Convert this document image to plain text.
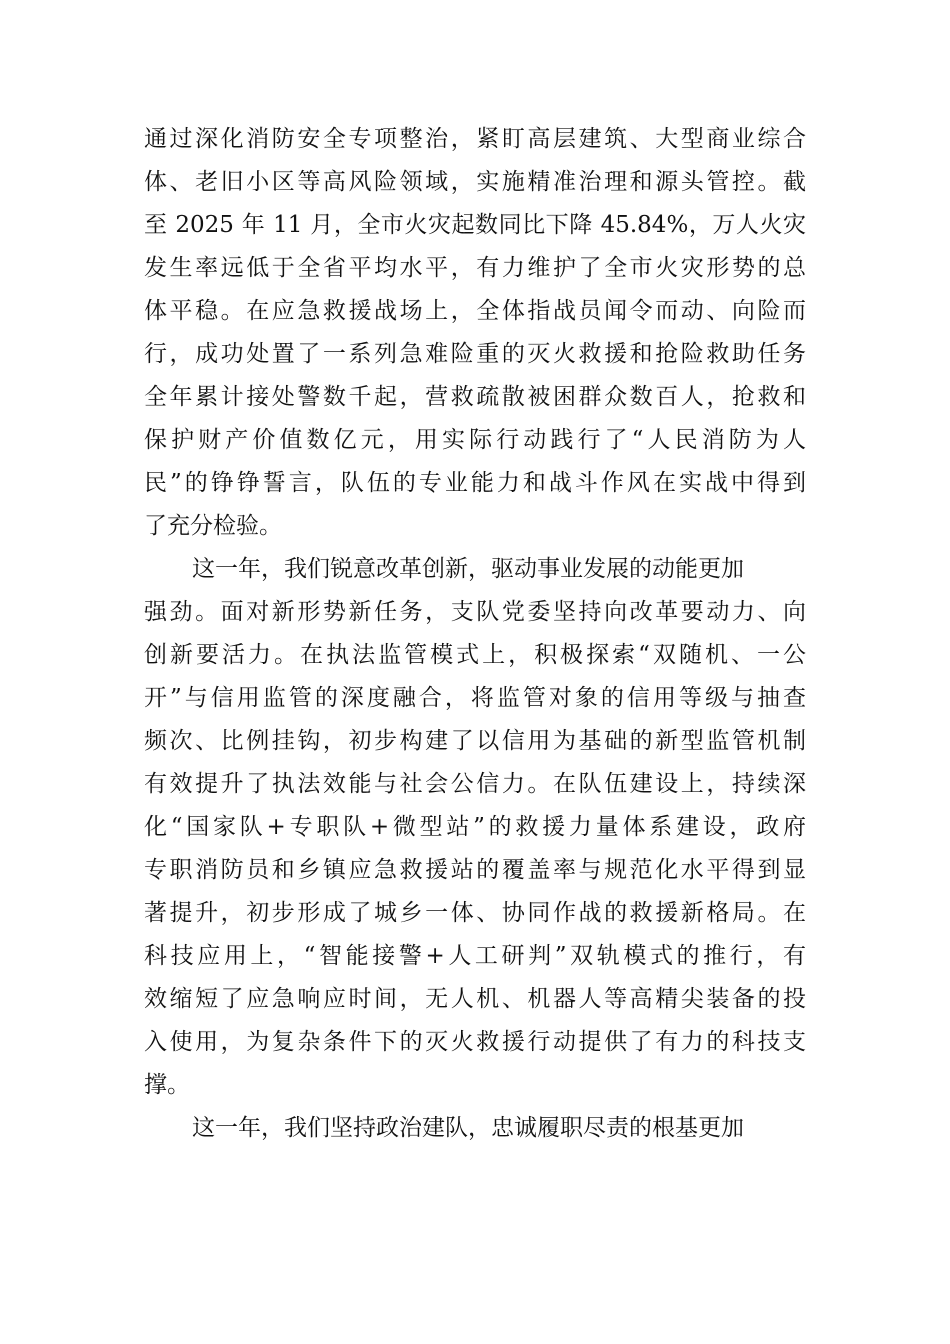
通过深化消防安全专项整治，紧盯高层建筑、大型商业综合
体、老旧小区等高风险领域，实施精准治理和源头管控。截
至 2025 年 11 月，全市火灾起数同比下降 45.84%，万人火灾
发生率远低于全省平均水平，有力维护了全市火灾形势的总
体平稳。在应急救援战场上，全体指战员闻令而动、向险而
行，成功处置了一系列急难险重的灭火救援和抢险救助任务
全年累计接处警数千起，营救疏散被困群众数百人，抢救和
保护财产价值数亿元，用实际行动践行了“人民消防为人
民”的铮铮誓言，队伍的专业能力和战斗作风在实战中得到
了充分检验。
这一年，我们锐意改革创新，驱动事业发展的动能更加
强劲。面对新形势新任务，支队党委坚持向改革要动力、向
创新要活力。在执法监管模式上，积极探索“双随机、一公
开”与信用监管的深度融合，将监管对象的信用等级与抽查
频次、比例挂钩，初步构建了以信用为基础的新型监管机制
有效提升了执法效能与社会公信力。在队伍建设上，持续深
化“国家队+专职队+微型站”的救援力量体系建设，政府
专职消防员和乡镇应急救援站的覆盖率与规范化水平得到显
著提升，初步形成了城乡一体、协同作战的救援新格局。在
科技应用上，“智能接警+人工研判”双轨模式的推行，有
效缩短了应急响应时间，无人机、机器人等高精尖装备的投
入使用，为复杂条件下的灭火救援行动提供了有力的科技支
撑。
这一年，我们坚持政治建队，忠诚履职尽责的根基更加
